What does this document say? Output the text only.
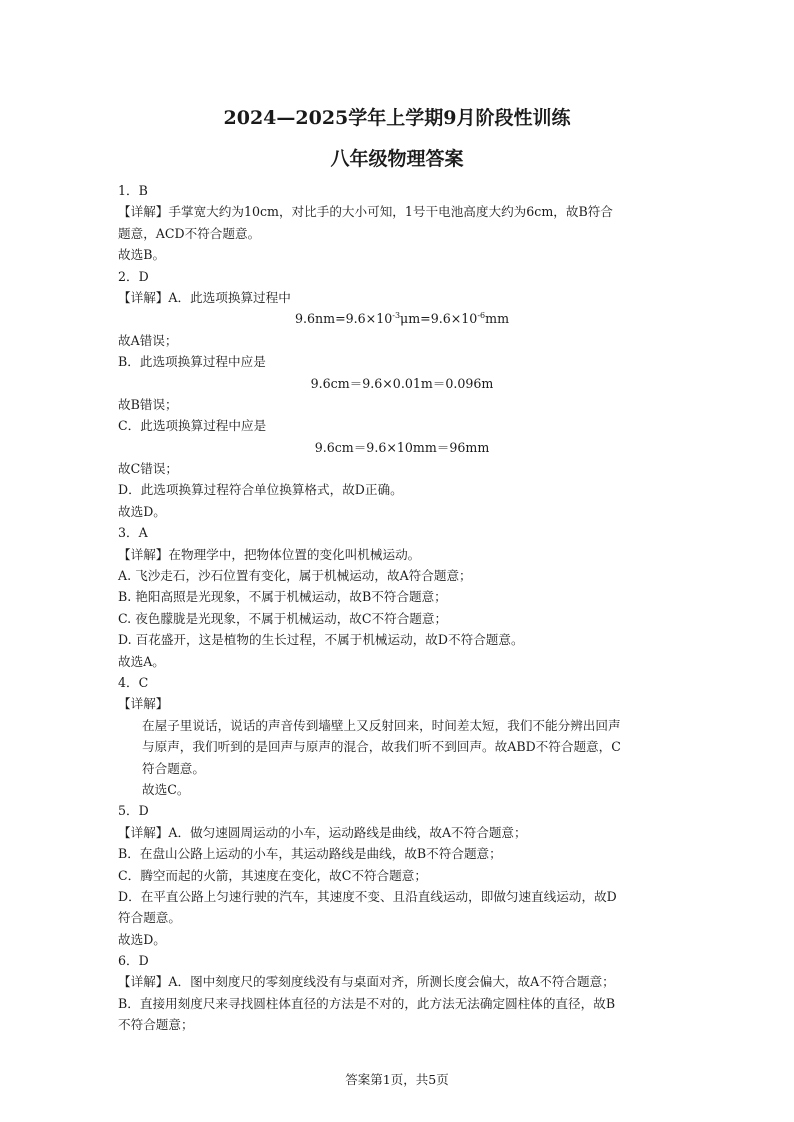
2024—2025学年上学期9月阶段性训练
八年级物理答案
1．B
【详解】手掌宽大约为10cm，对比手的大小可知，1号干电池高度大约为6cm，故B符合
题意，ACD不符合题意。
故选B。
2．D
【详解】A．此选项换算过程中
$9.6nm=9.6\times 10^{-3}\mu m=9.6\times 10^{-6}mm$
故A错误；
B．此选项换算过程中应是
9.6cm＝9.6×0.01m＝0.096m
故B错误；
C．此选项换算过程中应是
9.6cm＝9.6×10mm＝96mm
故C错误；
D．此选项换算过程符合单位换算格式，故D正确。
故选D。
3．A
【详解】在物理学中，把物体位置的变化叫机械运动。
A. 飞沙走石，沙石位置有变化，属于机械运动，故A符合题意；
B. 艳阳高照是光现象，不属于机械运动，故B不符合题意；
C. 夜色朦胧是光现象，不属于机械运动，故C不符合题意；
D. 百花盛开，这是植物的生长过程，不属于机械运动，故D不符合题意。
故选A。
4．C
【详解】
在屋子里说话，说话的声音传到墙壁上又反射回来，时间差太短，我们不能分辨出回声
与原声，我们听到的是回声与原声的混合，故我们听不到回声。故ABD不符合题意，C
符合题意。
故选C。
5．D
【详解】A．做匀速圆周运动的小车，运动路线是曲线，故A不符合题意；
B．在盘山公路上运动的小车，其运动路线是曲线，故B不符合题意；
C．腾空而起的火箭，其速度在变化，故C不符合题意；
D．在平直公路上匀速行驶的汽车，其速度不变、且沿直线运动，即做匀速直线运动，故D
符合题意。
故选D。
6．D
【详解】A．图中刻度尺的零刻度线没有与桌面对齐，所测长度会偏大，故A不符合题意；
B．直接用刻度尺来寻找圆柱体直径的方法是不对的，此方法无法确定圆柱体的直径，故B
不符合题意；
答案第1页，共5页
